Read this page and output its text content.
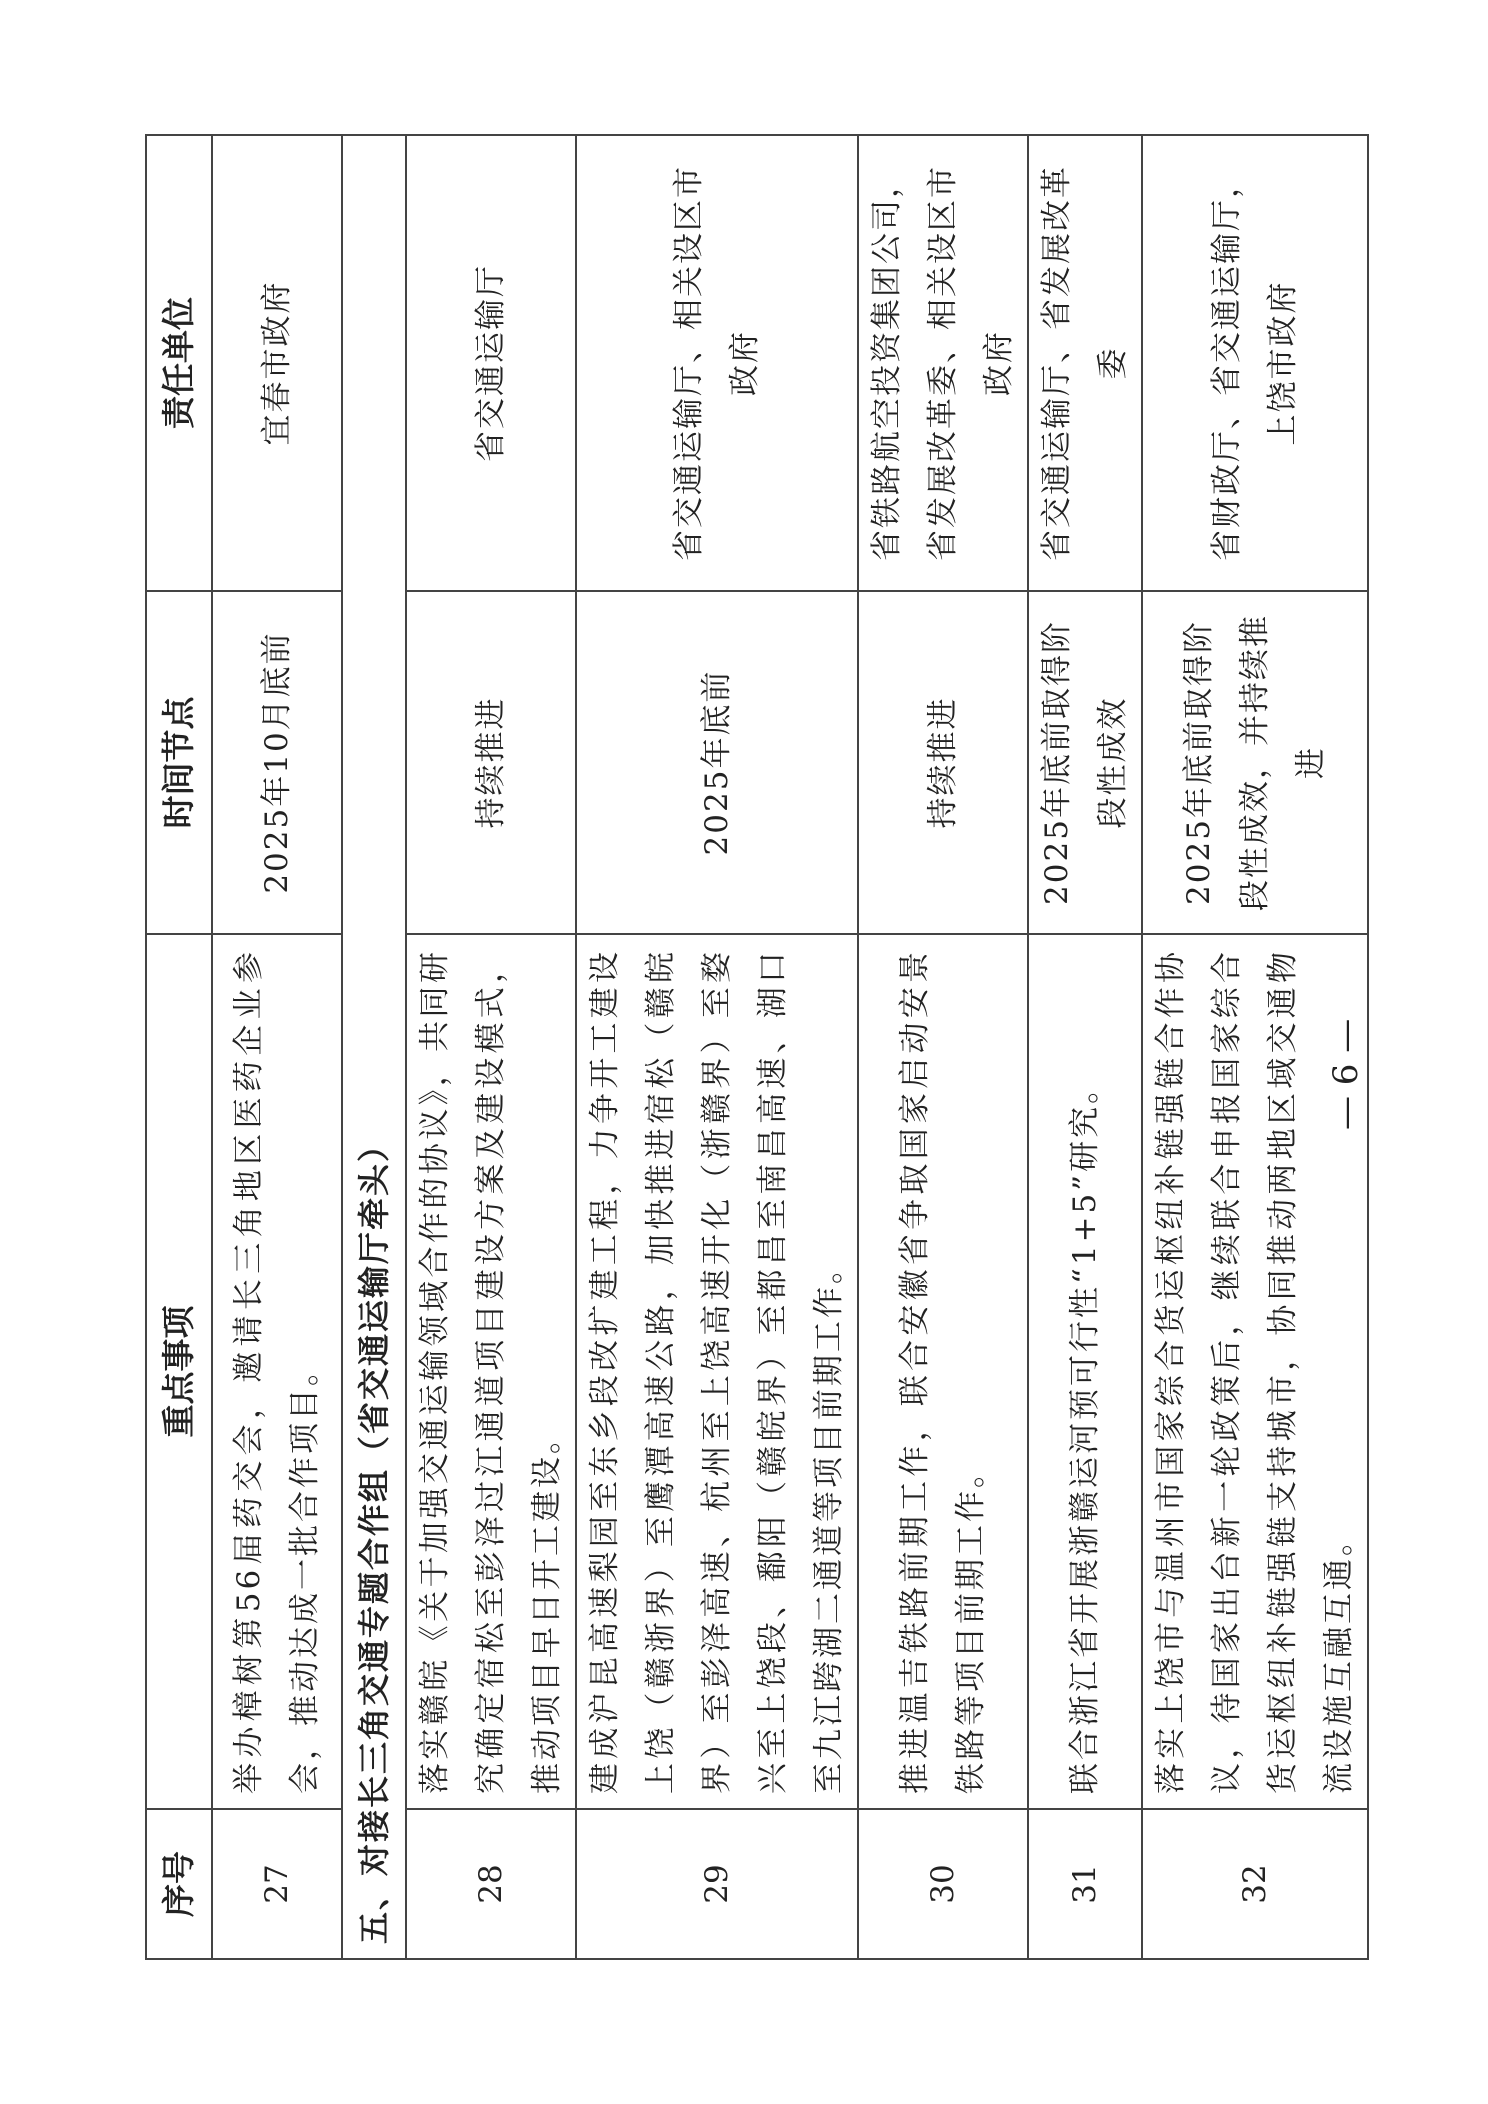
序号	重点事项	时间节点	责任单位
27	举办樟树第56届药交会，邀请长三角地区医药企业参会，推动达成一批合作项目。	2025年10月底前	宜春市政府
五、对接长三角交通专题合作组（省交通运输厅牵头）			
28	落实赣皖《关于加强交通运输领域合作的协议》，共同研究确定宿松至彭泽过江通道项目建设方案及建设模式，推动项目早日开工建设。	持续推进	省交通运输厅
29	建成沪昆高速梨园至东乡段改扩建工程，力争开工建设上饶（赣浙界）至鹰潭高速公路，加快推进宿松（赣皖界）至彭泽高速、杭州至上饶高速开化（浙赣界）至婺兴至上饶段、鄱阳（赣皖界）至都昌至南昌高速、湖口至九江跨湖二通道等项目前期工作。	2025年底前	省交通运输厅、相关设区市政府
30	推进温吉铁路前期工作，联合安徽省争取国家启动安景铁路等项目前期工作。	持续推进	省铁路航空投资集团公司，省发展改革委、相关设区市政府
31	联合浙江省开展浙赣运河预可行性“1+5”研究。	2025年底前取得阶段性成效	省交通运输厅、省发展改革委
32	落实上饶市与温州市国家综合货运枢纽补链强链合作协议，待国家出台新一轮政策后，继续联合申报国家综合货运枢纽补链强链支持城市，协同推动两地区域交通物流设施互融互通。	2025年底前取得阶段性成效，并持续推进	省财政厅、省交通运输厅，上饶市政府
— 6 —
